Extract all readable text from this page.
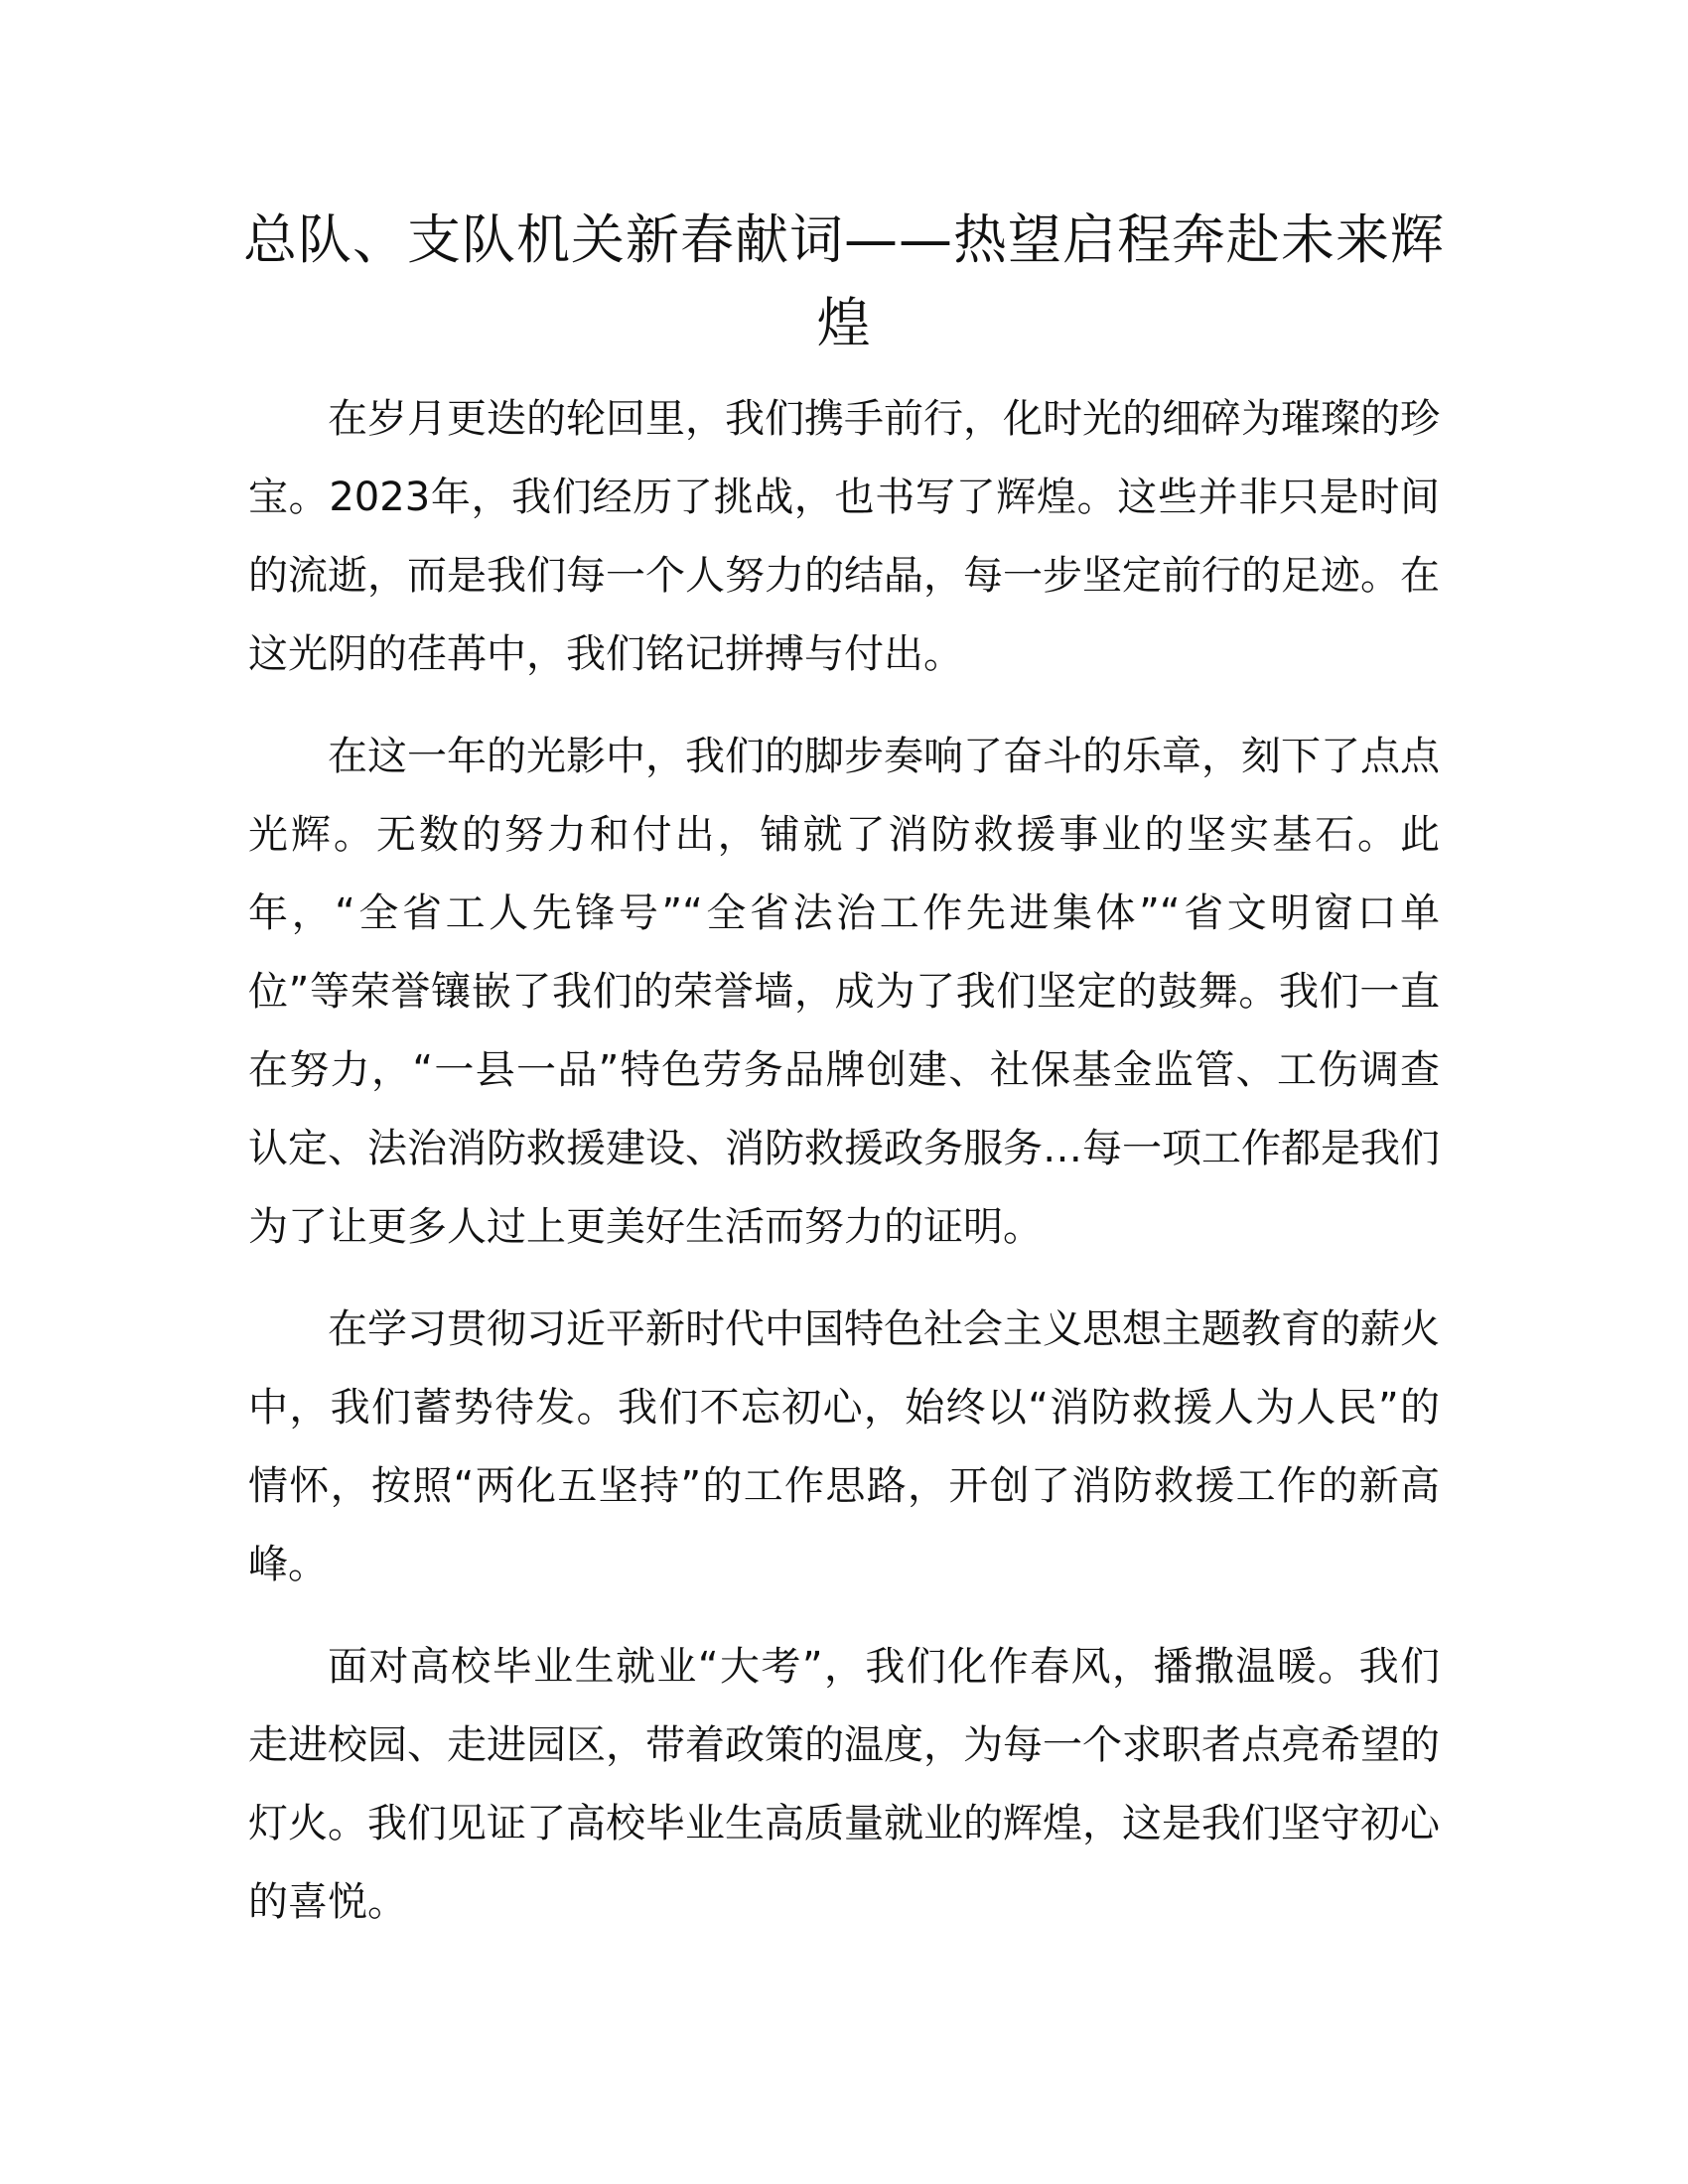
总队、支队机关新春献词——热望启程奔赴未来辉煌

在岁月更迭的轮回里，我们携手前行，化时光的细碎为璀璨的珍宝。2023年，我们经历了挑战，也书写了辉煌。这些并非只是时间的流逝，而是我们每一个人努力的结晶，每一步坚定前行的足迹。在这光阴的荏苒中，我们铭记拼搏与付出。

在这一年的光影中，我们的脚步奏响了奋斗的乐章，刻下了点点光辉。无数的努力和付出，铺就了消防救援事业的坚实基石。此年，“全省工人先锋号”“全省法治工作先进集体”“省文明窗口单位”等荣誉镶嵌了我们的荣誉墙，成为了我们坚定的鼓舞。我们一直在努力，“一县一品”特色劳务品牌创建、社保基金监管、工伤调查认定、法治消防救援建设、消防救援政务服务…每一项工作都是我们为了让更多人过上更美好生活而努力的证明。

在学习贯彻习近平新时代中国特色社会主义思想主题教育的薪火中，我们蓄势待发。我们不忘初心，始终以“消防救援人为人民”的情怀，按照“两化五坚持”的工作思路，开创了消防救援工作的新高峰。

面对高校毕业生就业“大考”，我们化作春风，播撒温暖。我们走进校园、走进园区，带着政策的温度，为每一个求职者点亮希望的灯火。我们见证了高校毕业生高质量就业的辉煌，这是我们坚守初心的喜悦。
